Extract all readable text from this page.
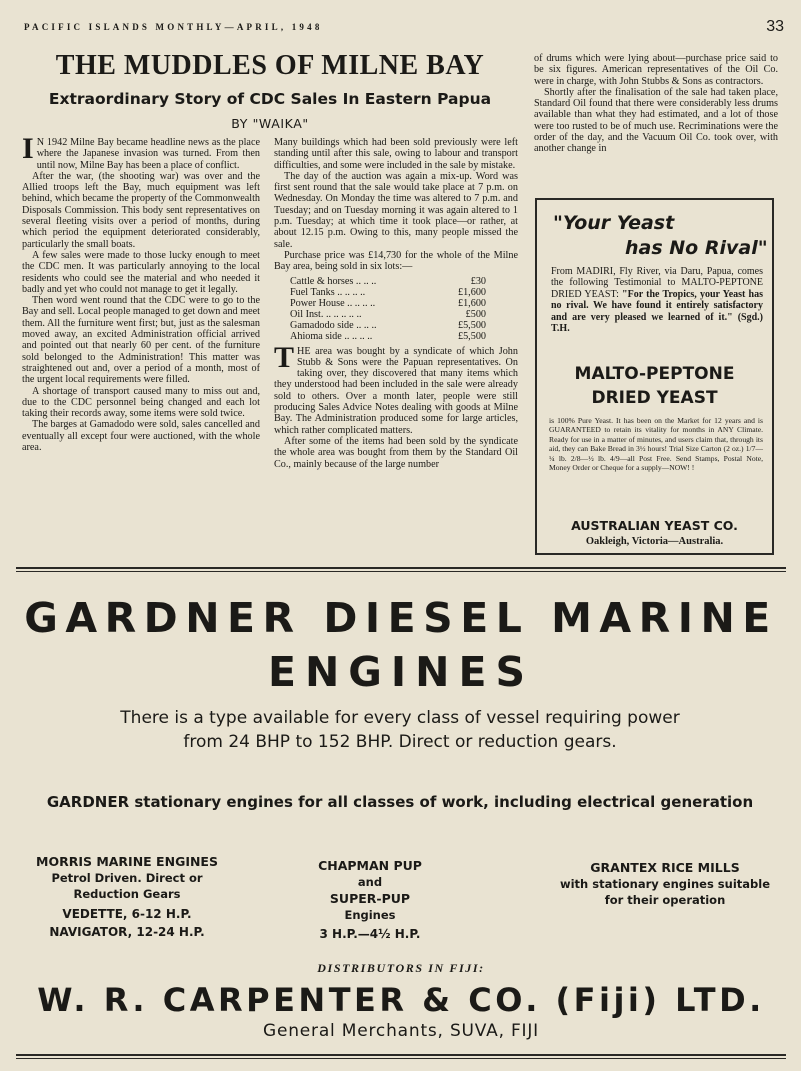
PACIFIC ISLANDS MONTHLY—APRIL, 1948	33
THE MUDDLES OF MILNE BAY
Extraordinary Story of CDC Sales In Eastern Papua
BY "WAIKA"

I N 1942 Milne Bay became headline news as the place where the Japanese invasion was turned. From then until now, Milne Bay has been a place of conflict.

After the war, (the shooting war) was over and the Allied troops left the Bay, much equipment was left behind, which became the property of the Commonwealth Disposals Commission. This body sent representatives on several fleeting visits over a period of months, during which period the equipment deteriorated considerably, particularly the small boats.

A few sales were made to those lucky enough to meet the CDC men. It was particularly annoying to the local residents who could see the material and who needed it badly and yet who could not manage to get it legally.

Then word went round that the CDC were to go to the Bay and sell. Local people managed to get down and meet them. All the furniture went first; but, just as the salesman moved away, an excited Administration official arrived and pointed out that nearly 60 per cent. of the furniture sold belonged to the Administration! This matter was straightened out and, over a period of a month, most of the urgent local requirements were filled.

A shortage of transport caused many to miss out and, due to the CDC personnel being changed and each lot taking their records away, some items were sold twice.

The barges at Gamadodo were sold, sales cancelled and eventually all except four were auctioned, with the whole area.

Many buildings which had been sold previously were left standing until after this sale, owing to labour and transport difficulties, and some were included in the sale by mistake.

The day of the auction was again a mix-up. Word was first sent round that the sale would take place at 7 p.m. on Wednesday. On Monday the time was altered to 7 p.m. and Tuesday; and on Tuesday morning it was again altered to 1 p.m. Tuesday; at which time it took place—or rather, at about 12.15 p.m. Owing to this, many people missed the sale.

Purchase price was £14,730 for the whole of the Milne Bay area, being sold in six lots:—

Cattle & horses .. .. ..	£30
Fuel Tanks .. .. .. ..	£1,600
Power House .. .. .. ..	£1,600
Oil Inst. .. .. .. .. ..	£500
Gamadodo side .. .. ..	£5,500
Ahioma side .. .. .. ..	£5,500

THE area was bought by a syndicate of which John Stubb & Sons were the Papuan representatives. On taking over, they discovered that many items which they understood had been included in the sale were already sold to others. Over a month later, people were still producing Sales Advice Notes dealing with goods at Milne Bay. The Administration produced some for large articles, which rather complicated matters.

After some of the items had been sold by the syndicate the whole area was bought from them by the Standard Oil Co., mainly because of the large number

of drums which were lying about—purchase price said to be six figures. American representatives of the Oil Co. were in charge, with John Stubbs & Sons as contractors.

Shortly after the finalisation of the sale had taken place, Standard Oil found that there were considerably less drums available than what they had estimated, and a lot of those were too rusted to be of much use. Recriminations were the order of the day, and the Vacuum Oil Co. took over, with another change in

"Your Yeast
has No Rival"
From MADIRI, Fly River, via Daru, Papua, comes the following Testimonial to MALTO-PEPTONE DRIED YEAST: "For the Tropics, your Yeast has no rival. We have found it entirely satisfactory and are very pleased we learned of it." (Sgd.) T.H.
MALTO-PEPTONE
DRIED YEAST
is 100% Pure Yeast. It has been on the Market for 12 years and is GUARANTEED to retain its vitality for months in ANY Climate. Ready for use in a matter of minutes, and users claim that, through its aid, they can Bake Bread in 3½ hours! Trial Size Carton (2 oz.) 1/7—¼ lb. 2/8—½ lb. 4/9—all Post Free. Send Stamps, Postal Note, Money Order or Cheque for a supply—NOW! !
AUSTRALIAN YEAST CO.
Oakleigh, Victoria—Australia.
GARDNER DIESEL MARINE
ENGINES
There is a type available for every class of vessel requiring power from 24 BHP to 152 BHP. Direct or reduction gears.
GARDNER stationary engines for all classes of work, including electrical generation
MORRIS MARINE ENGINES
Petrol Driven. Direct or
Reduction Gears
VEDETTE, 6-12 H.P.
NAVIGATOR, 12-24 H.P.
CHAPMAN PUP
and
SUPER-PUP
Engines
3 H.P.—4½ H.P.
GRANTEX RICE MILLS
with stationary engines suitable
for their operation
DISTRIBUTORS IN FIJI:
W. R. CARPENTER & CO. (Fiji) LTD.
General Merchants, SUVA, FIJI
